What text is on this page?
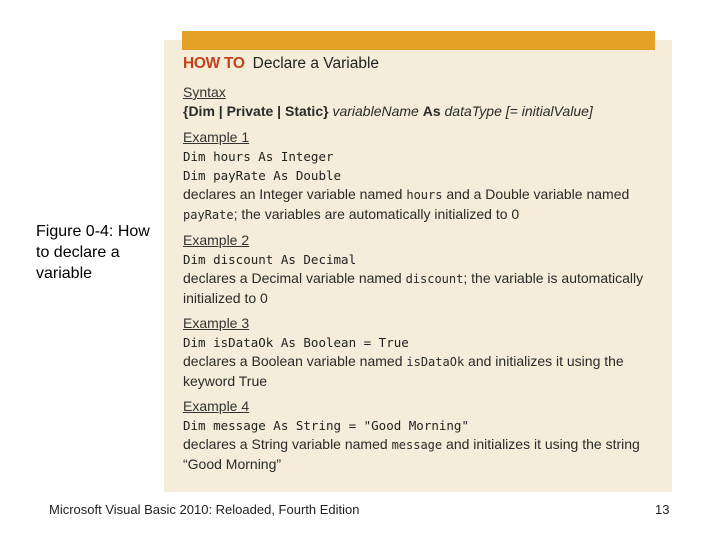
Figure 0-4: How to declare a variable
HOW TO Declare a Variable
Syntax
{Dim | Private | Static} variableName As dataType [= initialValue]
Example 1
Dim hours As Integer
Dim payRate As Double
declares an Integer variable named hours and a Double variable named
payRate; the variables are automatically initialized to 0
Example 2
Dim discount As Decimal
declares a Decimal variable named discount; the variable is automatically
initialized to 0
Example 3
Dim isDataOk As Boolean = True
declares a Boolean variable named isDataOk and initializes it using the
keyword True
Example 4
Dim message As String = "Good Morning"
declares a String variable named message and initializes it using the string
“Good Morning”
Microsoft Visual Basic 2010: Reloaded, Fourth Edition	13
